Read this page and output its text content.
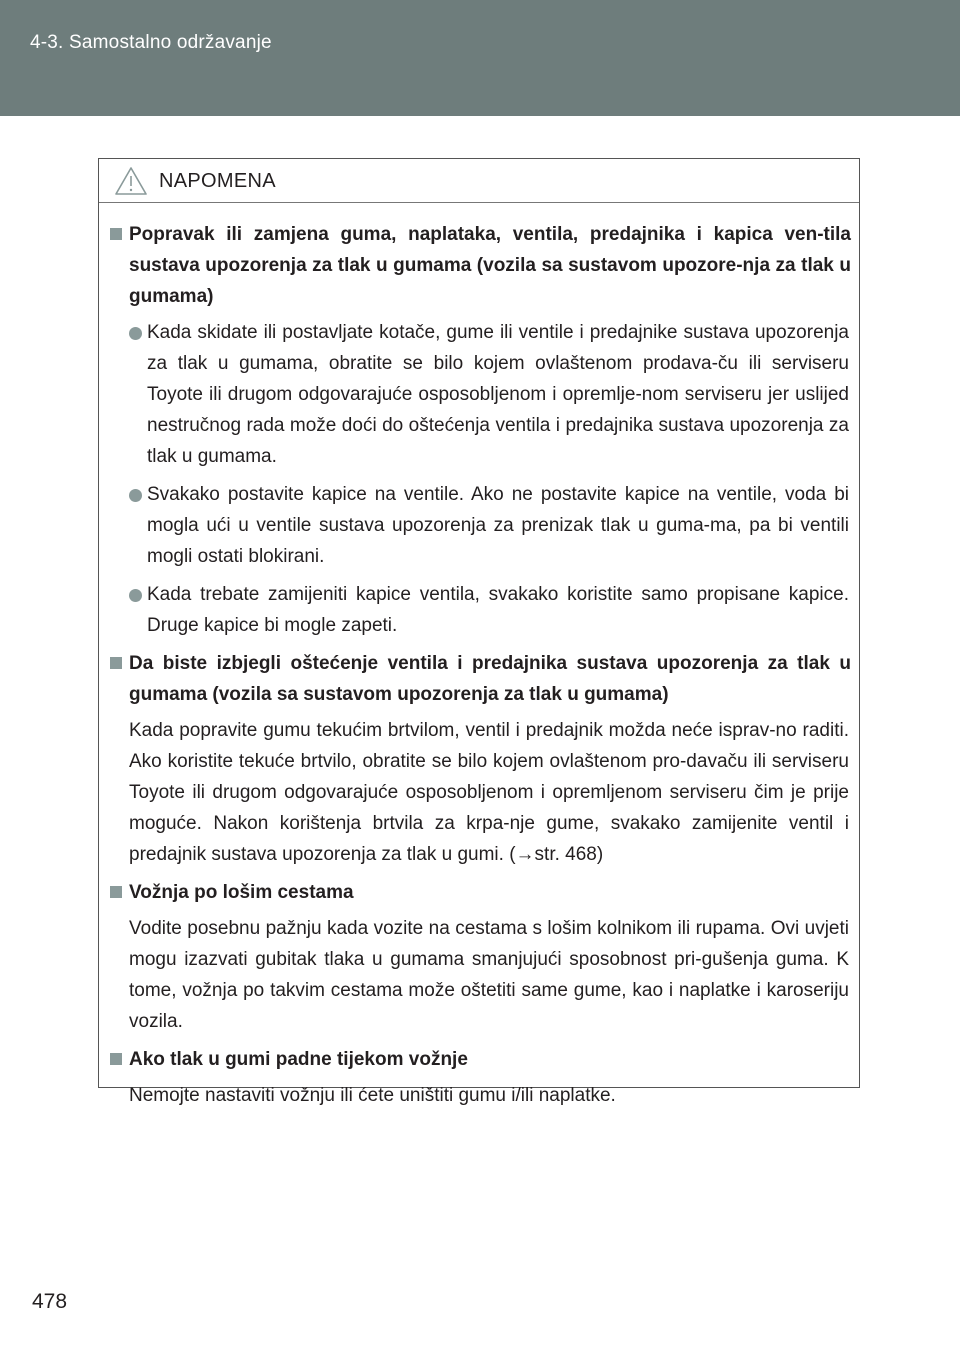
4-3. Samostalno održavanje
NAPOMENA
Popravak ili zamjena guma, naplataka, ventila, predajnika i kapica ven-tila sustava upozorenja za tlak u gumama (vozila sa sustavom upozore-nja za tlak u gumama)
Kada skidate ili postavljate kotače, gume ili ventile i predajnike sustava upozorenja za tlak u gumama, obratite se bilo kojem ovlaštenom prodava-ču ili serviseru Toyote ili drugom odgovarajuće osposobljenom i opremlje-nom serviseru jer uslijed nestručnog rada može doći do oštećenja ventila i predajnika sustava upozorenja za tlak u gumama.
Svakako postavite kapice na ventile. Ako ne postavite kapice na ventile, voda bi mogla ući u ventile sustava upozorenja za prenizak tlak u guma-ma, pa bi ventili mogli ostati blokirani.
Kada trebate zamijeniti kapice ventila, svakako koristite samo propisane kapice. Druge kapice bi mogle zapeti.
Da biste izbjegli oštećenje ventila i predajnika sustava upozorenja za tlak u gumama (vozila sa sustavom upozorenja za tlak u gumama)
Kada popravite gumu tekućim brtvilom, ventil i predajnik možda neće isprav-no raditi. Ako koristite tekuće brtvilo, obratite se bilo kojem ovlaštenom pro-davaču ili serviseru Toyote ili drugom odgovarajuće osposobljenom i opremljenom serviseru čim je prije moguće. Nakon korištenja brtvila za krpa-nje gume, svakako zamijenite ventil i predajnik sustava upozorenja za tlak u gumi. (→str. 468)
Vožnja po lošim cestama
Vodite posebnu pažnju kada vozite na cestama s lošim kolnikom ili rupama. Ovi uvjeti mogu izazvati gubitak tlaka u gumama smanjujući sposobnost pri-gušenja guma. K tome, vožnja po takvim cestama može oštetiti same gume, kao i naplatke i karoseriju vozila.
Ako tlak u gumi padne tijekom vožnje
Nemojte nastaviti vožnju ili ćete uništiti gumu i/ili naplatke.
478
